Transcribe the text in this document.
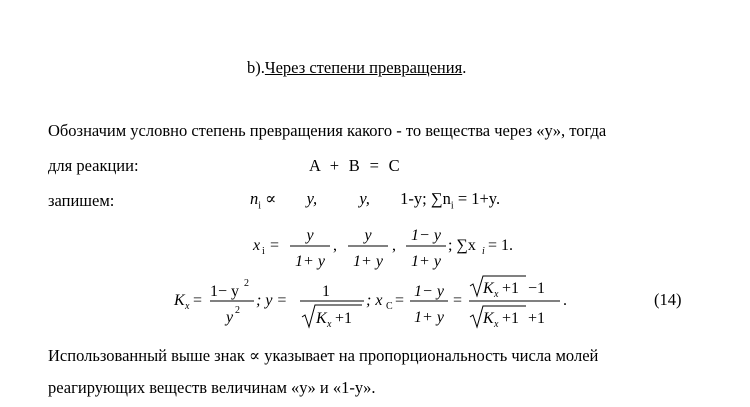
b).Через степени превращения.
Обозначим условно степень превращения какого - то вещества через «y», тогда
для реакции:	A  +  B  =  C
запишем:	$n_i \propto y$,	y, 1-y; $\sum n_i = 1+y$.
x i =
y
1+ y
,
y
1+ y
,
1− y
1+ y
; ∑x i = 1.
K x =
1− y 2
y 2
; y =
1
K x +1
; x C =
1− y
1+ y
=
K x +1 −1
K x +1 +1
.	(14)
Использованный выше знак ∝ указывает на пропорциональность числа молей
реагирующих веществ величинам «y» и «1-y».
